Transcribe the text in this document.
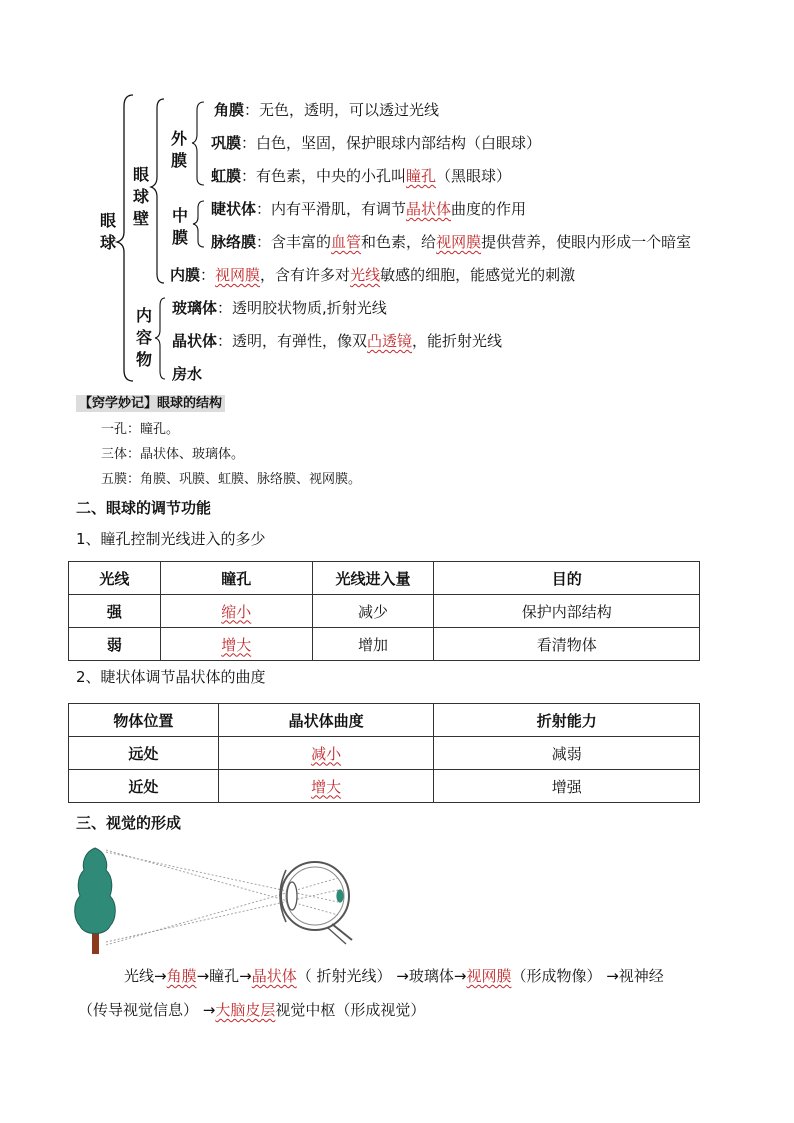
眼球
眼球壁
外膜
中膜
内容物
角膜：无色，透明，可以透过光线
巩膜：白色，坚固，保护眼球内部结构（白眼球）
虹膜：有色素，中央的小孔叫瞳孔（黑眼球）
睫状体：内有平滑肌，有调节晶状体曲度的作用
脉络膜：含丰富的血管和色素，给视网膜提供营养，使眼内形成一个暗室
内膜：视网膜，含有许多对光线敏感的细胞，能感觉光的刺激
玻璃体：透明胶状物质,折射光线
晶状体：透明，有弹性，像双凸透镜，能折射光线
房水
【窍学妙记】眼球的结构
一孔：瞳孔。
三体：晶状体、玻璃体。
五膜：角膜、巩膜、虹膜、脉络膜、视网膜。
二、眼球的调节功能
1、瞳孔控制光线进入的多少
光线	瞳孔	光线进入量	目的
强	缩小	减少	保护内部结构
弱	增大	增加	看清物体
2、睫状体调节晶状体的曲度
物体位置	晶状体曲度	折射能力
远处	减小	减弱
近处	增大	增强
三、视觉的形成
光线→角膜→瞳孔→晶状体（ 折射光线） →玻璃体→视网膜（形成物像） →视神经
（传导视觉信息） →大脑皮层视觉中枢（形成视觉）
